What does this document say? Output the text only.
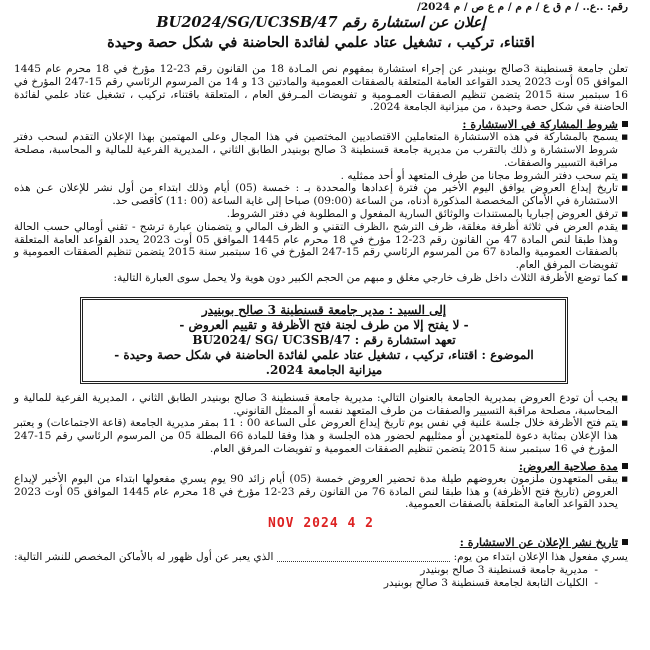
رقم: ..ع.. / م ق ع / م م / م ع ص / م 2024/
إعلان عن استشارة رقم BU2024/SG/UC3SB/47
اقتناء، تركيب ، تشغيل عتاد علمي لفائدة الحاضنة في شكل حصة وحيدة

تعلن جامعة قسنطينة 3صالح بوبنيدر عن إجراء استشارة بمفهوم نص المـادة 18 من القانون رقم 23-12 مؤرخ في 18 محرم عام 1445 الموافق 05 أوت 2023 يحدد القواعد العامة المتعلقة بالصفقات العمومية والمادتين 13 و 14 من المرسوم الرئاسي رقم 15-247 المؤرخ في 16 سبتمبر سنة 2015 يتضمن تنظيم الصفقات العمـومية و تفويضات المـرفق العام ، المتعلقة باقتناء، تركيب ، تشغيل عتاد علمي لفائدة الحاضنة في شكل حصة وحيدة ، من ميزانية الجامعة 2024.

شروط المشاركة في الاستشارة :
■ يسمح بالمشاركة في هذه الاستشارة المتعاملين الاقتصاديين المختصين في هذا المجال وعلى المهتمين بهذا الإعلان التقدم لسحب دفتر شروط الاستشارة و ذلك بالتقرب من مديرية جامعة قسنطينة 3 صالح بوبنيدر الطابق الثاني ، المديرية الفرعية للمالية و المحاسبة، مصلحة مراقبة التسيير والصفقات.
■ يتم سحب دفتر الشروط مجانا من طرف المتعهد أو أحد ممثليه .
■ تاريخ إيداع العروض يوافق اليوم الأخير من فترة إعدادها والمحددة بـ : خمسة (05) أيام وذلك ابتداء من أول نشر للإعلان عـن هذه الاستشارة في الأماكن المخصصة المذكورة أدناه، من الساعة (09:00) صباحا إلى غاية الساعة (00 :11) كأقصى حد.
■ ترفق العروض إجباريا بالمستندات والوثائق السارية المفعول و المطلوبة في دفتر الشروط.
■ يقدم العرض في ثلاثة أظرفة مغلقة، ظرف الترشح ،الظرف التقني و الظرف المالي و يتضمنان عبارة ترشح - تقني أومالي حسب الحالة وهذا طبقا لنص المادة 47 من القانون رقم 23-12 مؤرخ في 18 محرم عام 1445 الموافق 05 أوت 2023 يحدد القواعد العامة المتعلقة بالصفقات العمومية والمادة 67 من المرسوم الرئاسي رقم 15-247 المؤرخ في 16 سبتمبر سنة 2015 يتضمن تنظيم الصفقات العمومية و تفويضات المرفق العام.
■ كما توضع الأظرفة الثلاث داخل ظرف خارجي مغلق و مبهم من الحجم الكبير دون هوية ولا يحمل سوى العبارة التالية:
إلى السيد : مدير جامعة قسنطينة 3 صالح بوبنيدر
- لا يفتح إلا من طرف لجنة فتح الأظرفة و تقييم العروض -
تعهد استشارة رقم : BU2024/ SG/ UC3SB/47
الموضوع : اقتناء، تركيب ، تشغيل عتاد علمي لفائدة الحاضنة في شكل حصة وحيدة -
ميزانية الجامعة 2024.
■ يجب أن تودع العروض بمديرية الجامعة بالعنوان التالي: مديرية جامعة قسنطينة 3 صالح بوبنيدر الطابق الثاني ، المديرية الفرعية للمالية و المحاسبة، مصلحة مراقبة التسيير والصفقات من طرف المتعهد نفسه أو الممثل القانوني.
■ يتم فتح الأظرفة خلال جلسة علنية في نفس يوم تاريخ إيداع العروض على الساعة 00 : 11 بمقر مديرية الجامعة (قاعة الاجتماعات) و يعتبر هذا الإعلان بمثابة دعوة للمتعهدين أو ممثليهم لحضور هذه الجلسة و هذا وفقا للمادة 66 المطلة 05 من المرسوم الرئاسي رقم 15-247 المؤرخ في 16 سبتمبر سنة 2015 يتضمن تنظيم الصفقات العمومية و تفويضات المرفق العام.
مدة صلاحية العروض:
■ يبقى المتعهدون ملزمون بعروضهم طيلة مدة تحضير العروض خمسة (05) أيام زائد 90 يوم يسري مفعولها ابتداء من اليوم الأخير لإيداع العروض (تاريخ فتح الأظرفة) و هذا طبقا لنص المادة 76 من القانون رقم 23-12 مؤرخ في 18 محرم عام 1445 الموافق 05 أوت 2023 يحدد القواعد العامة المتعلقة بالصفقات العمومية.
2 4 NOV 2024
تاريخ نشر الإعلان عن الاستشارة :
يسري مفعول هذا الإعلان ابتداء من يوم:
الذي يعبر عن أول ظهور له بالأماكن المخصص للنشر التالية:
- مديرية جامعة قسنطينة 3 صالح بوبنيدر
- الكليات التابعة لجامعة قسنطينة 3 صالح بوبنيدر
